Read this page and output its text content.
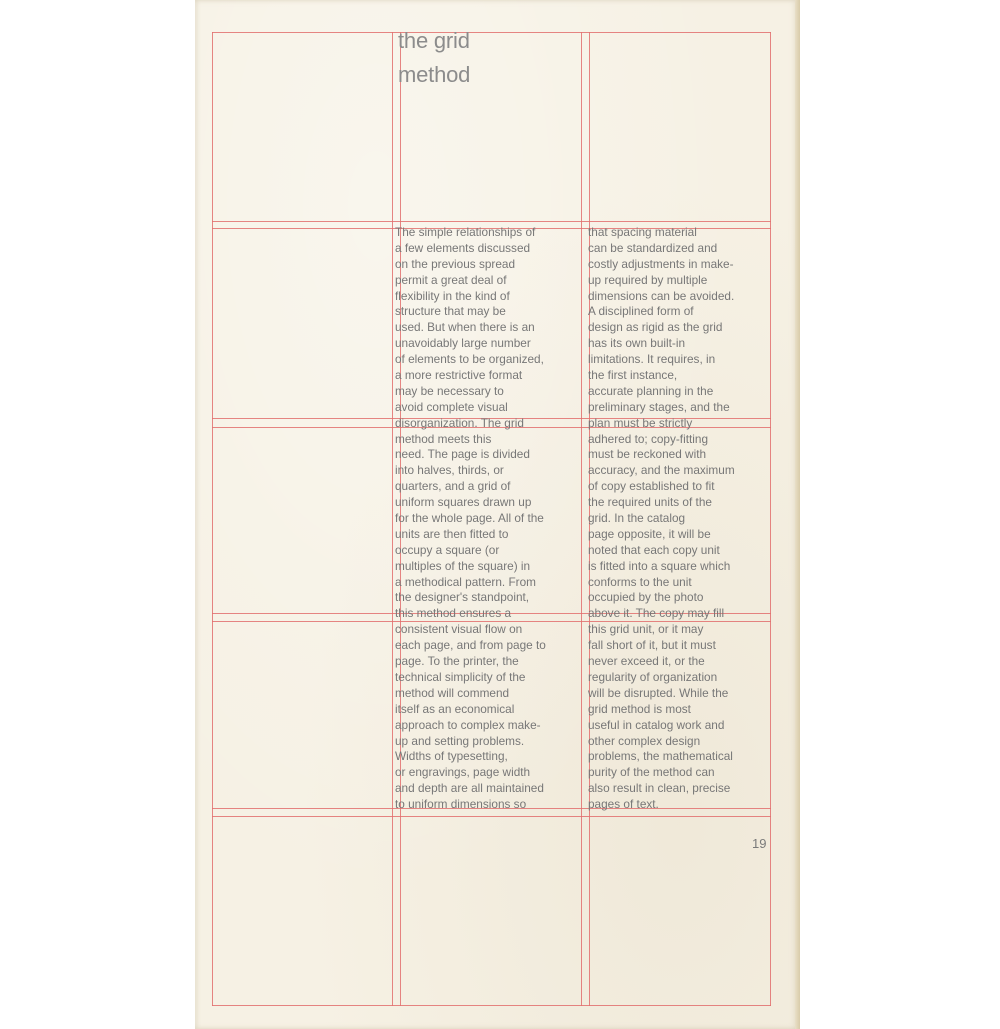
the grid
method
The simple relationships of
a few elements discussed
on the previous spread
permit a great deal of
flexibility in the kind of
structure that may be
used. But when there is an
unavoidably large number
of elements to be organized,
a more restrictive format
may be necessary to
avoid complete visual
disorganization. The grid
method meets this
need. The page is divided
into halves, thirds, or
quarters, and a grid of
uniform squares drawn up
for the whole page. All of the
units are then fitted to
occupy a square (or
multiples of the square) in
a methodical pattern. From
the designer's standpoint,
this method ensures a
consistent visual flow on
each page, and from page to
page. To the printer, the
technical simplicity of the
method will commend
itself as an economical
approach to complex make-
up and setting problems.
Widths of typesetting,
or engravings, page width
and depth are all maintained
to uniform dimensions so
that spacing material
can be standardized and
costly adjustments in make-
up required by multiple
dimensions can be avoided.
A disciplined form of
design as rigid as the grid
has its own built-in
limitations. It requires, in
the first instance,
accurate planning in the
preliminary stages, and the
plan must be strictly
adhered to; copy-fitting
must be reckoned with
accuracy, and the maximum
of copy established to fit
the required units of the
grid. In the catalog
page opposite, it will be
noted that each copy unit
is fitted into a square which
conforms to the unit
occupied by the photo
above it. The copy may fill
this grid unit, or it may
fall short of it, but it must
never exceed it, or the
regularity of organization
will be disrupted. While the
grid method is most
useful in catalog work and
other complex design
problems, the mathematical
purity of the method can
also result in clean, precise
pages of text.
19
